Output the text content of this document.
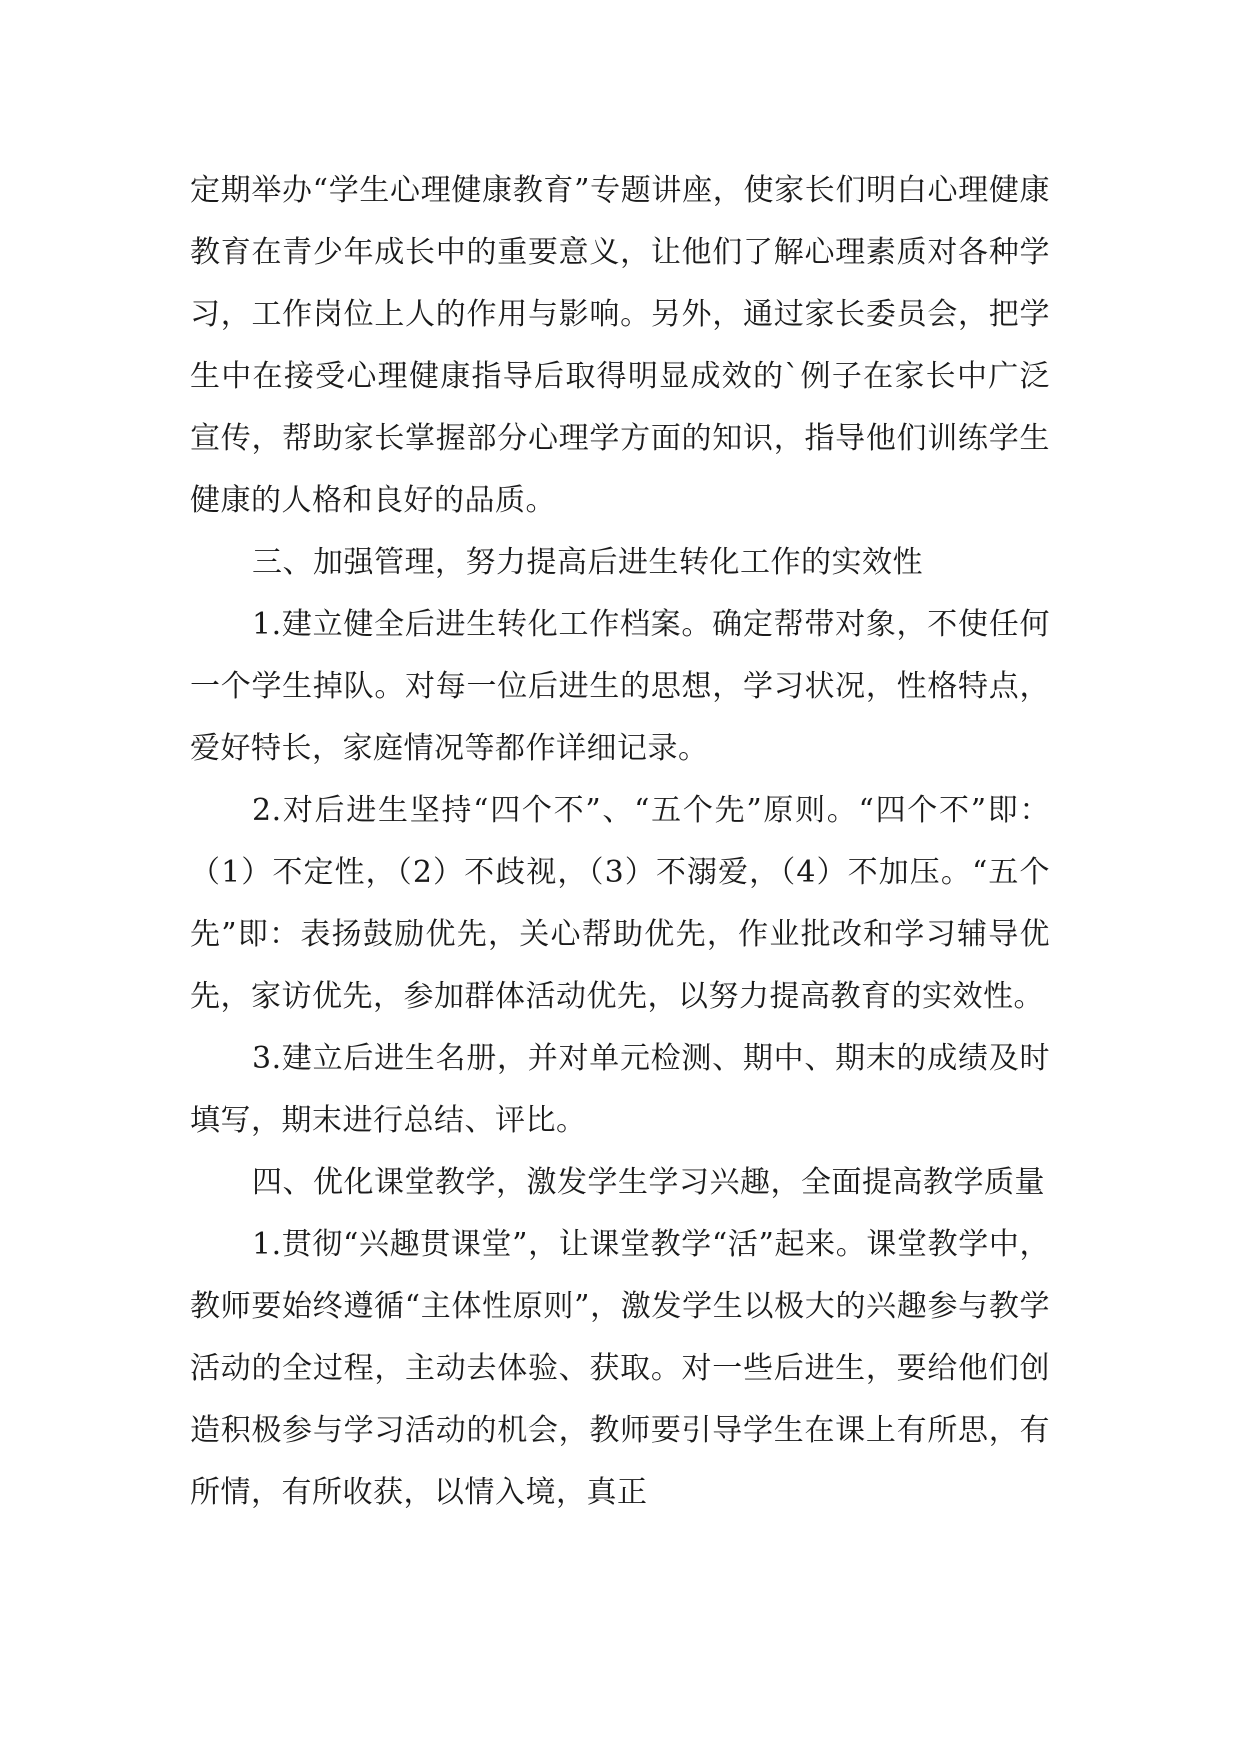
定期举办“学生心理健康教育”专题讲座，使家长们明白心理健康教育在青少年成长中的重要意义，让他们了解心理素质对各种学习，工作岗位上人的作用与影响。另外，通过家长委员会，把学生中在接受心理健康指导后取得明显成效的`例子在家长中广泛宣传，帮助家长掌握部分心理学方面的知识，指导他们训练学生健康的人格和良好的品质。

三、加强管理，努力提高后进生转化工作的实效性

1.建立健全后进生转化工作档案。确定帮带对象，不使任何一个学生掉队。对每一位后进生的思想，学习状况，性格特点，爱好特长，家庭情况等都作详细记录。

2.对后进生坚持“四个不”、“五个先”原则。“四个不”即：（1）不定性，（2）不歧视，（3）不溺爱，（4）不加压。“五个先”即：表扬鼓励优先，关心帮助优先，作业批改和学习辅导优先，家访优先，参加群体活动优先，以努力提高教育的实效性。

3.建立后进生名册，并对单元检测、期中、期末的成绩及时填写，期末进行总结、评比。

四、优化课堂教学，激发学生学习兴趣，全面提高教学质量

1.贯彻“兴趣贯课堂”，让课堂教学“活”起来。课堂教学中，教师要始终遵循“主体性原则”，激发学生以极大的兴趣参与教学活动的全过程，主动去体验、获取。对一些后进生，要给他们创造积极参与学习活动的机会，教师要引导学生在课上有所思，有所情，有所收获，以情入境，真正
